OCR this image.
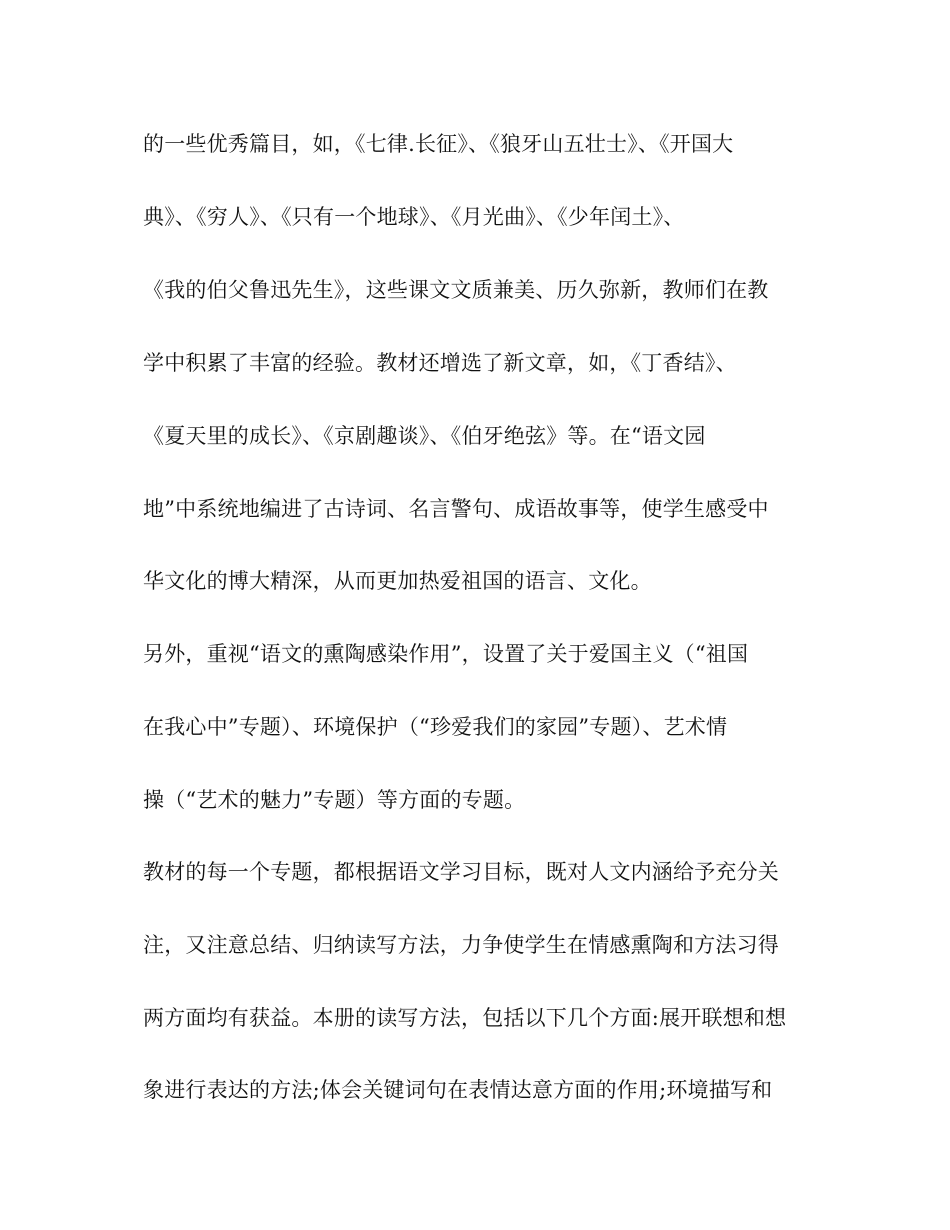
的一些优秀篇目，如，《七律.长征》、《狼牙山五壮士》、《开国大
典》、《穷人》、《只有一个地球》、《月光曲》、《少年闰土》、
《我的伯父鲁迅先生》，这些课文文质兼美、历久弥新，教师们在教
学中积累了丰富的经验。教材还增选了新文章，如，《丁香结》、
《夏天里的成长》、《京剧趣谈》、《伯牙绝弦》等。在“语文园
地”中系统地编进了古诗词、名言警句、成语故事等，使学生感受中
华文化的博大精深，从而更加热爱祖国的语言、文化。
另外，重视“语文的熏陶感染作用”，设置了关于爱国主义（“祖国
在我心中”专题）、环境保护（“珍爱我们的家园”专题）、艺术情
操（“艺术的魅力”专题）等方面的专题。
教材的每一个专题，都根据语文学习目标，既对人文内涵给予充分关
注，又注意总结、归纳读写方法，力争使学生在情感熏陶和方法习得
两方面均有获益。本册的读写方法，包括以下几个方面:展开联想和想
象进行表达的方法;体会关键词句在表情达意方面的作用;环境描写和
